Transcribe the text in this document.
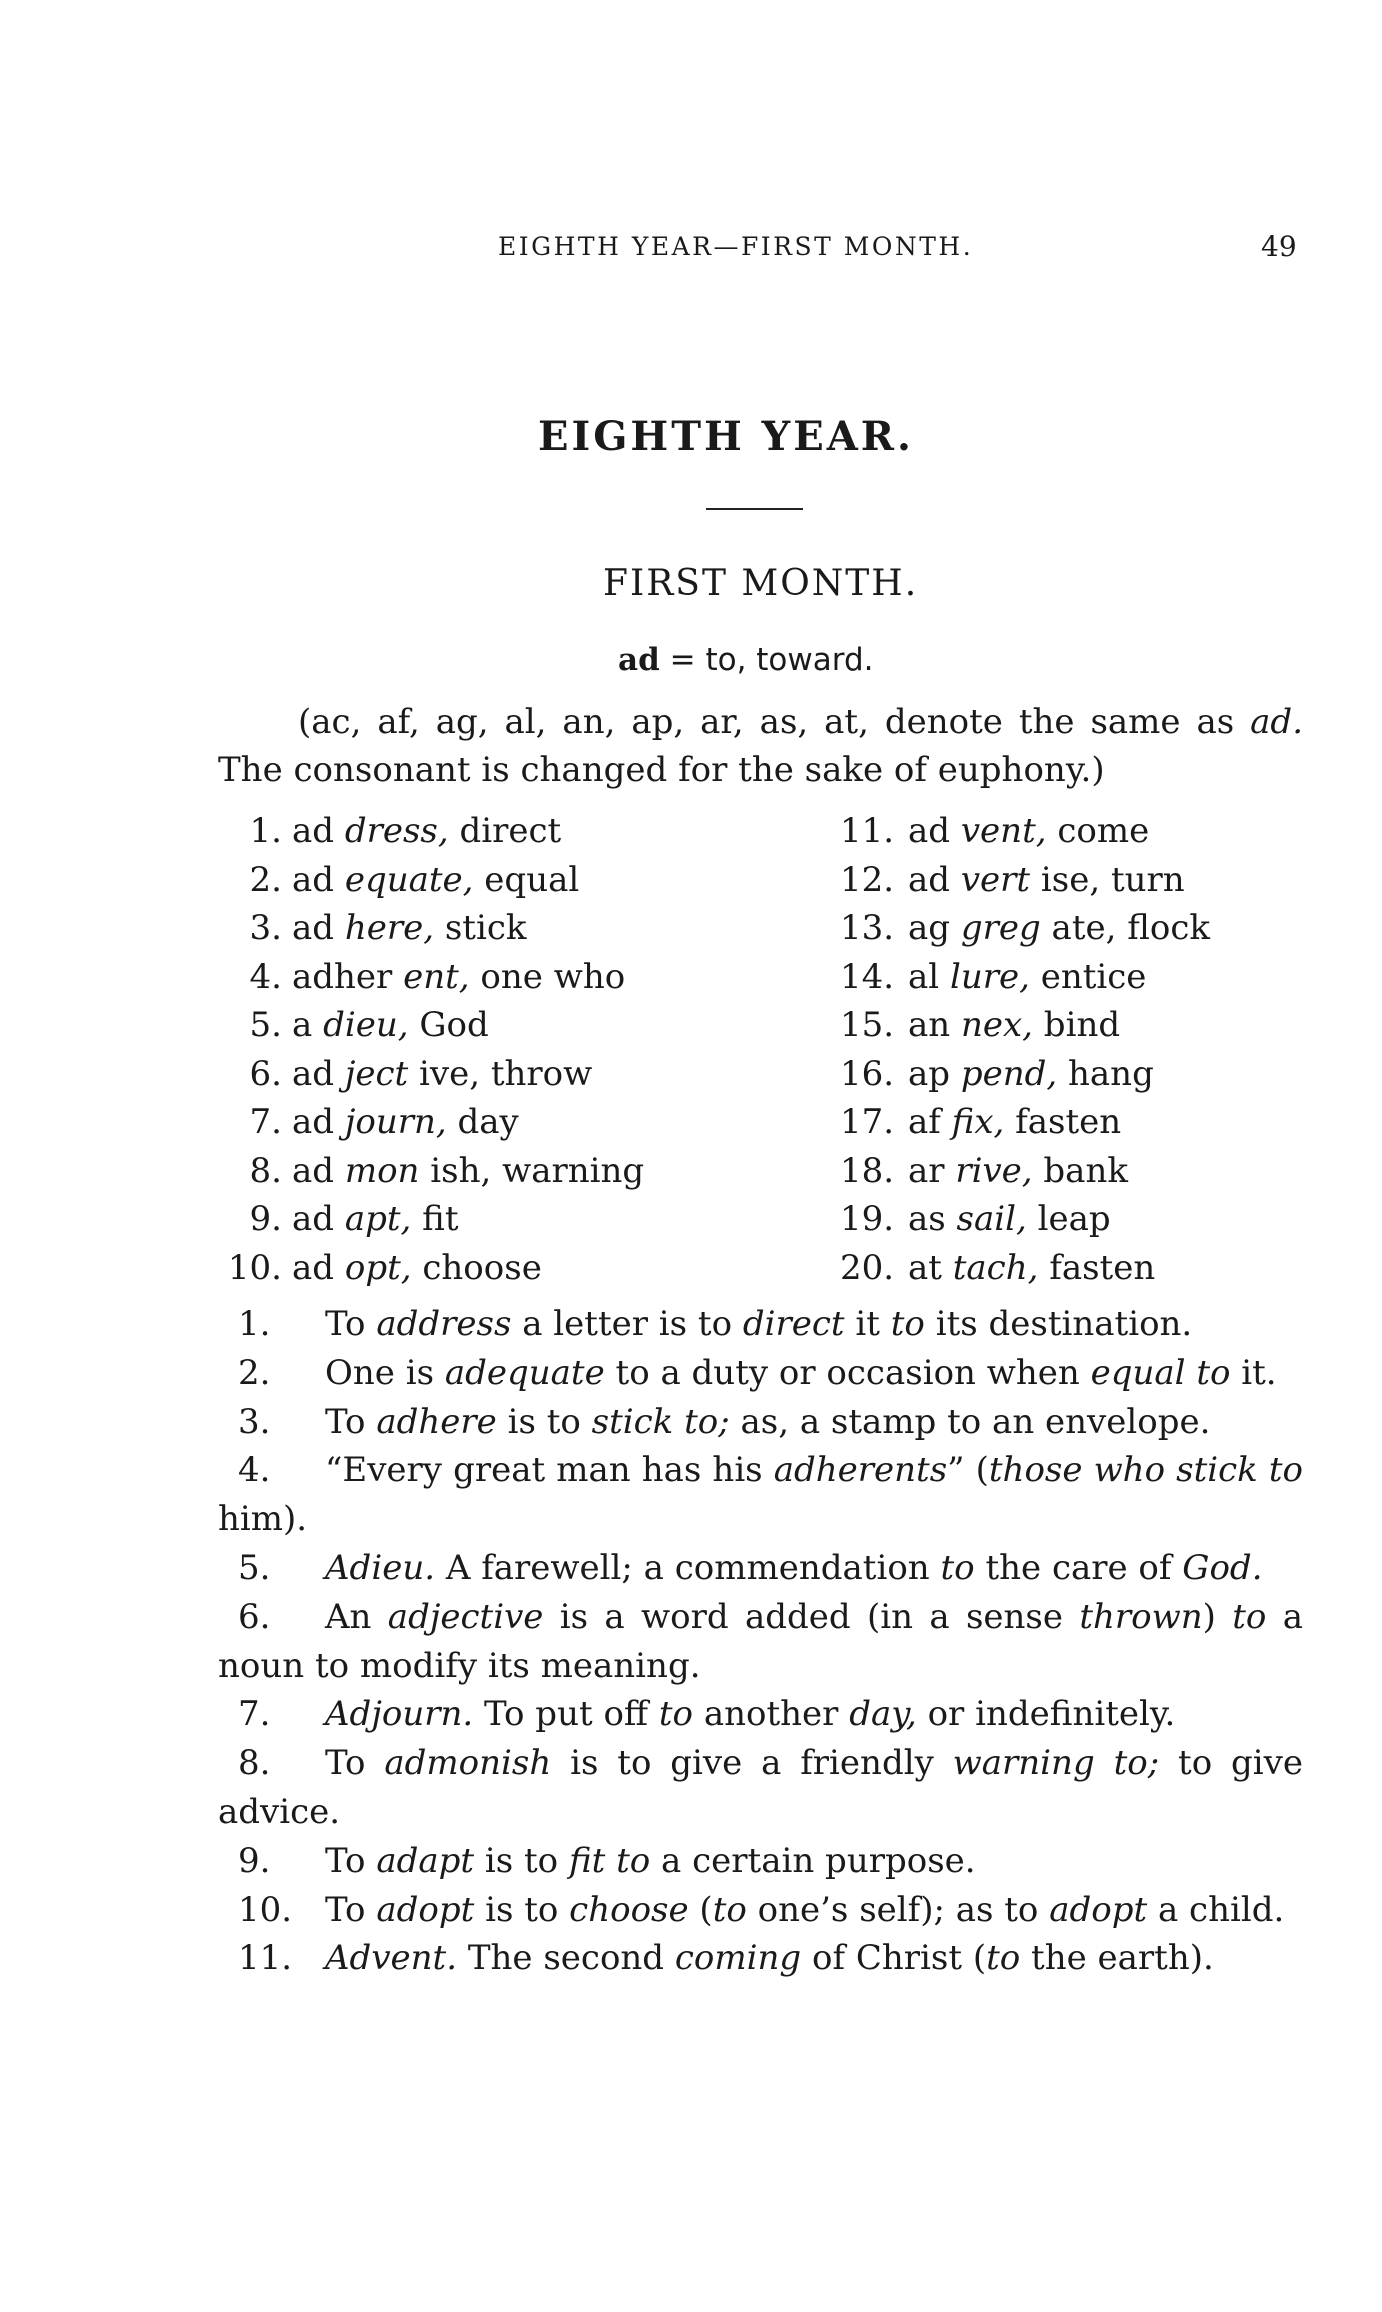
EIGHTH YEAR—FIRST MONTH.	49
EIGHTH YEAR.
FIRST MONTH.
ad = to, toward.
(ac, af, ag, al, an, ap, ar, as, at, denote the same as ad. The consonant is changed for the sake of euphony.)
1. ad dress, direct
2. ad equate, equal
3. ad here, stick
4. adher ent, one who
5. a dieu, God
6. ad ject ive, throw
7. ad journ, day
8. ad mon ish, warning
9. ad apt, fit
10. ad opt, choose
11. ad vent, come
12. ad vert ise, turn
13. ag greg ate, flock
14. al lure, entice
15. an nex, bind
16. ap pend, hang
17. af fix, fasten
18. ar rive, bank
19. as sail, leap
20. at tach, fasten
1. To address a letter is to direct it to its destination.
2. One is adequate to a duty or occasion when equal to it.
3. To adhere is to stick to; as, a stamp to an envelope.
4. “Every great man has his adherents” (those who stick to him).
5. Adieu. A farewell; a commendation to the care of God.
6. An adjective is a word added (in a sense thrown) to a noun to modify its meaning.
7. Adjourn. To put off to another day, or indefinitely.
8. To admonish is to give a friendly warning to; to give advice.
9. To adapt is to fit to a certain purpose.
10. To adopt is to choose (to one’s self); as to adopt a child.
11. Advent. The second coming of Christ (to the earth).
